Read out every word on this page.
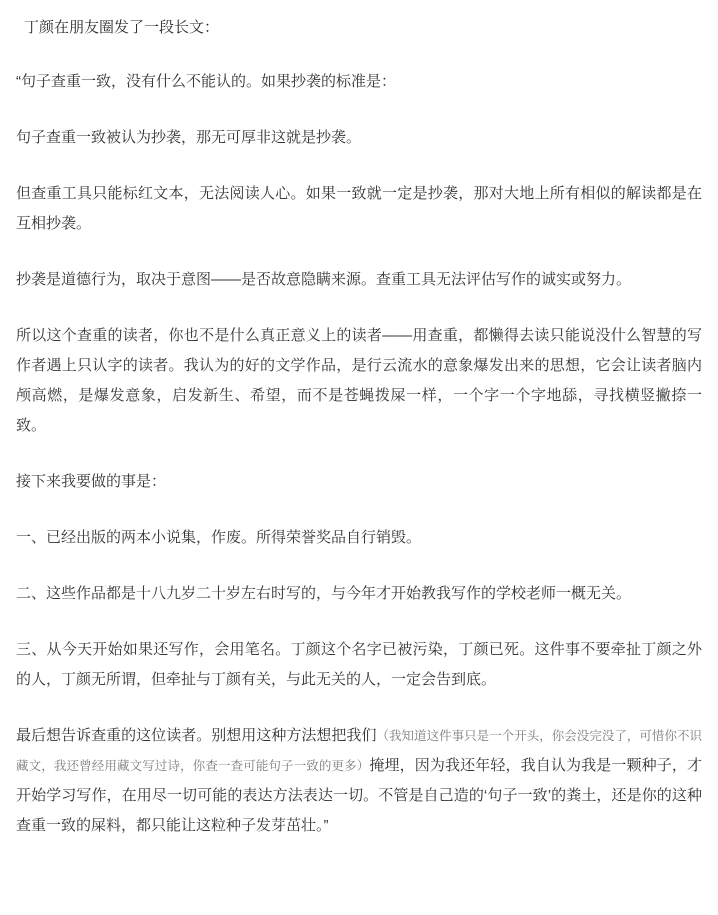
丁颜在朋友圈发了一段长文：

“句子查重一致，没有什么不能认的。如果抄袭的标准是：

句子查重一致被认为抄袭，那无可厚非这就是抄袭。

但查重工具只能标红文本，无法阅读人心。如果一致就一定是抄袭，那对大地上所有相似的解读都是在互相抄袭。

抄袭是道德行为，取决于意图——是否故意隐瞒来源。查重工具无法评估写作的诚实或努力。

所以这个查重的读者，你也不是什么真正意义上的读者——用查重，都懒得去读只能说没什么智慧的写作者遇上只认字的读者。我认为的好的文学作品，是行云流水的意象爆发出来的思想，它会让读者脑内颅高燃，是爆发意象，启发新生、希望，而不是苍蝇拨屎一样，一个字一个字地舔，寻找横竖撇捺一致。

接下来我要做的事是：

一、已经出版的两本小说集，作废。所得荣誉奖品自行销毁。

二、这些作品都是十八九岁二十岁左右时写的，与今年才开始教我写作的学校老师一概无关。

三、从今天开始如果还写作，会用笔名。丁颜这个名字已被污染，丁颜已死。这件事不要牵扯丁颜之外的人，丁颜无所谓，但牵扯与丁颜有关，与此无关的人，一定会告到底。

最后想告诉查重的这位读者。别想用这种方法想把我们（我知道这件事只是一个开头，你会没完没了，可惜你不识藏文，我还曾经用藏文写过诗，你查一查可能句子一致的更多）掩埋，因为我还年轻，我自认为我是一颗种子，才开始学习写作，在用尽一切可能的表达方法表达一切。不管是自己造的‘句子一致’的粪土，还是你的这种查重一致的屎料，都只能让这粒种子发芽茁壮。”
